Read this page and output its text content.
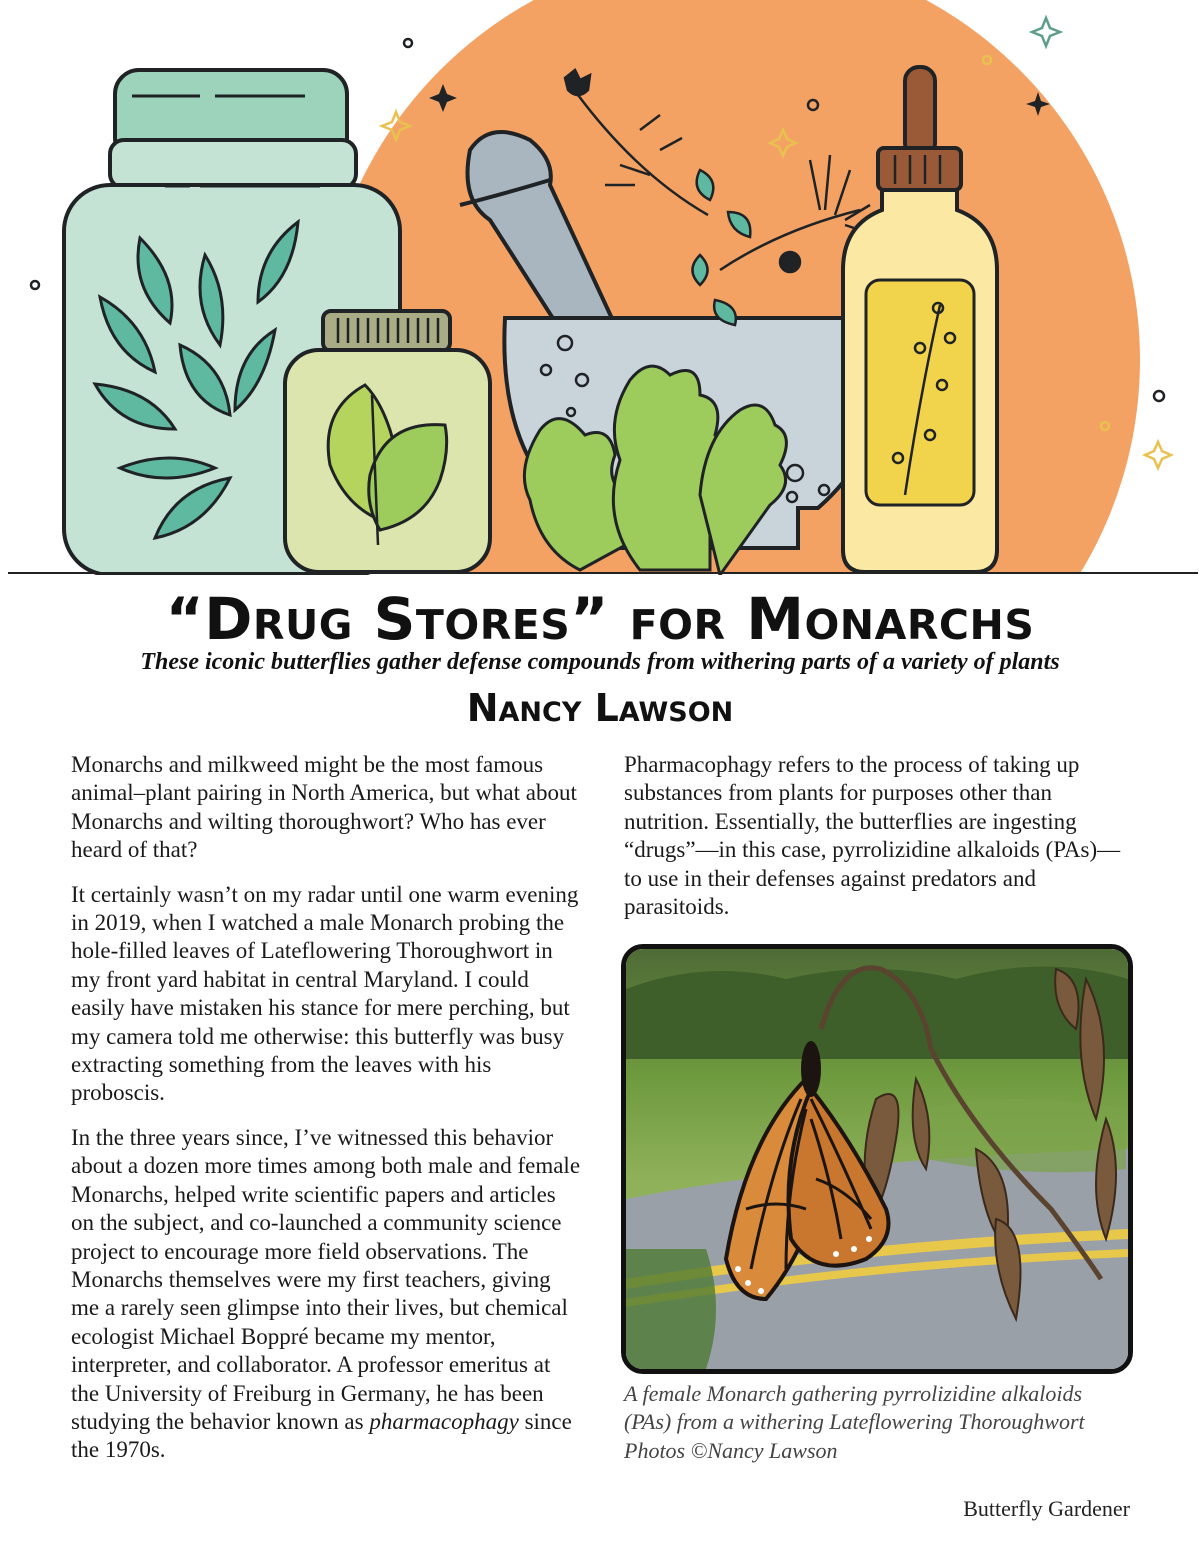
“Drug Stores” for Monarchs
These iconic butterflies gather defense compounds from withering parts of a variety of plants
Nancy Lawson

Monarchs and milkweed might be the most famous animal–plant pairing in North America, but what about Monarchs and wilting thoroughwort? Who has ever heard of that?

It certainly wasn’t on my radar until one warm evening in 2019, when I watched a male Monarch probing the hole-filled leaves of Lateflowering Thoroughwort in my front yard habitat in central Maryland. I could easily have mistaken his stance for mere perching, but my camera told me otherwise: this butterfly was busy extracting something from the leaves with his proboscis.

In the three years since, I’ve witnessed this behavior about a dozen more times among both male and female Monarchs, helped write scientific papers and articles on the subject, and co-launched a community science project to encourage more field observations. The Monarchs themselves were my first teachers, giving me a rarely seen glimpse into their lives, but chemical ecologist Michael Boppré became my mentor, interpreter, and collaborator. A professor emeritus at the University of Freiburg in Germany, he has been studying the behavior known as pharmacophagy since the 1970s.

Pharmacophagy refers to the process of taking up substances from plants for purposes other than nutrition. Essentially, the butterflies are ingesting “drugs”—in this case, pyrrolizidine alkaloids (PAs)—to use in their defenses against predators and parasitoids.

A female Monarch gathering pyrrolizidine alkaloids
(PAs) from a withering Lateflowering Thoroughwort
Photos ©Nancy Lawson
Butterfly Gardener
